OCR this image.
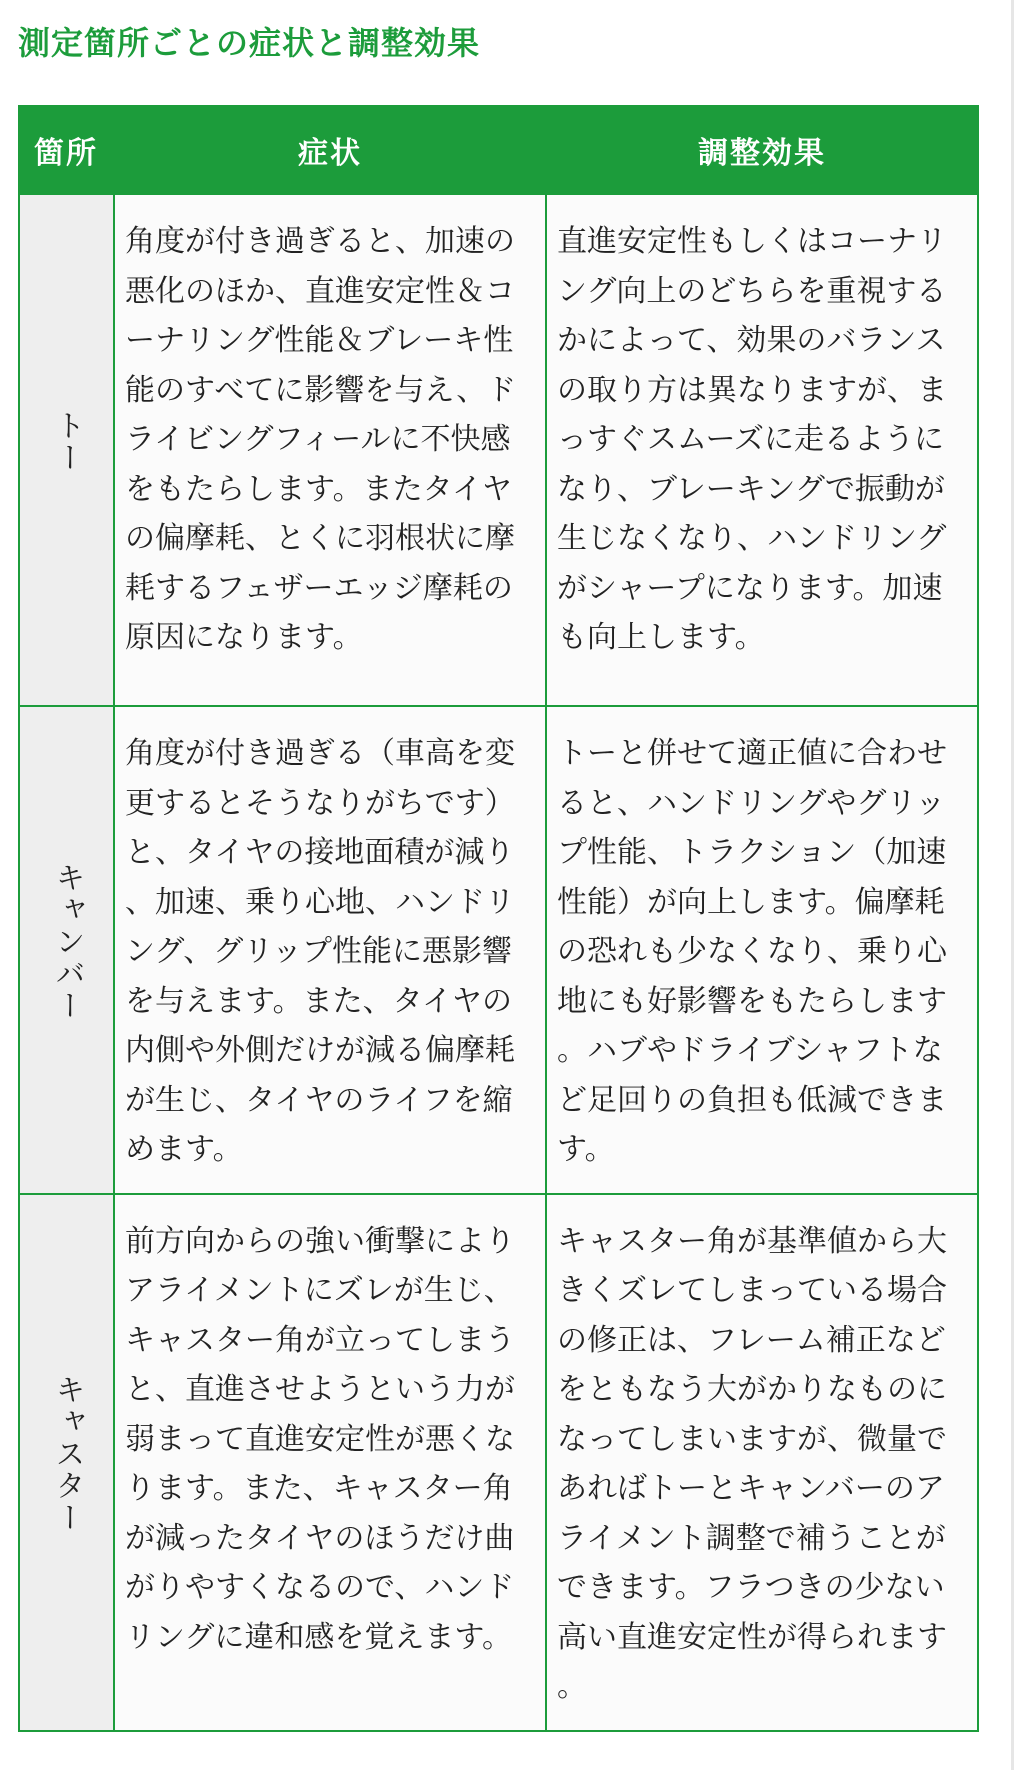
測定箇所ごとの症状と調整効果
箇所	症状	調整効果
トー	角度が付き過ぎると、加速の悪化のほか、直進安定性＆コーナリング性能＆ブレーキ性能のすべてに影響を与え、ドライビングフィールに不快感をもたらします。またタイヤの偏摩耗、とくに羽根状に摩耗するフェザーエッジ摩耗の原因になります。	直進安定性もしくはコーナリング向上のどちらを重視するかによって、効果のバランスの取り方は異なりますが、まっすぐスムーズに走るようになり、ブレーキングで振動が生じなくなり、ハンドリングがシャープになります。加速も向上します。
キャンバー	角度が付き過ぎる（車高を変更するとそうなりがちです）と、タイヤの接地面積が減り、加速、乗り心地、ハンドリング、グリップ性能に悪影響を与えます。また、タイヤの内側や外側だけが減る偏摩耗が生じ、タイヤのライフを縮めます。	トーと併せて適正値に合わせると、ハンドリングやグリップ性能、トラクション（加速性能）が向上します。偏摩耗の恐れも少なくなり、乗り心地にも好影響をもたらします。ハブやドライブシャフトなど足回りの負担も低減できます。
キャスター	前方向からの強い衝撃によりアライメントにズレが生じ、キャスター角が立ってしまうと、直進させようという力が弱まって直進安定性が悪くなります。また、キャスター角が減ったタイヤのほうだけ曲がりやすくなるので、ハンドリングに違和感を覚えます。	キャスター角が基準値から大きくズレてしまっている場合の修正は、フレーム補正などをともなう大がかりなものになってしまいますが、微量であればトーとキャンバーのアライメント調整で補うことができます。フラつきの少ない高い直進安定性が得られます。
